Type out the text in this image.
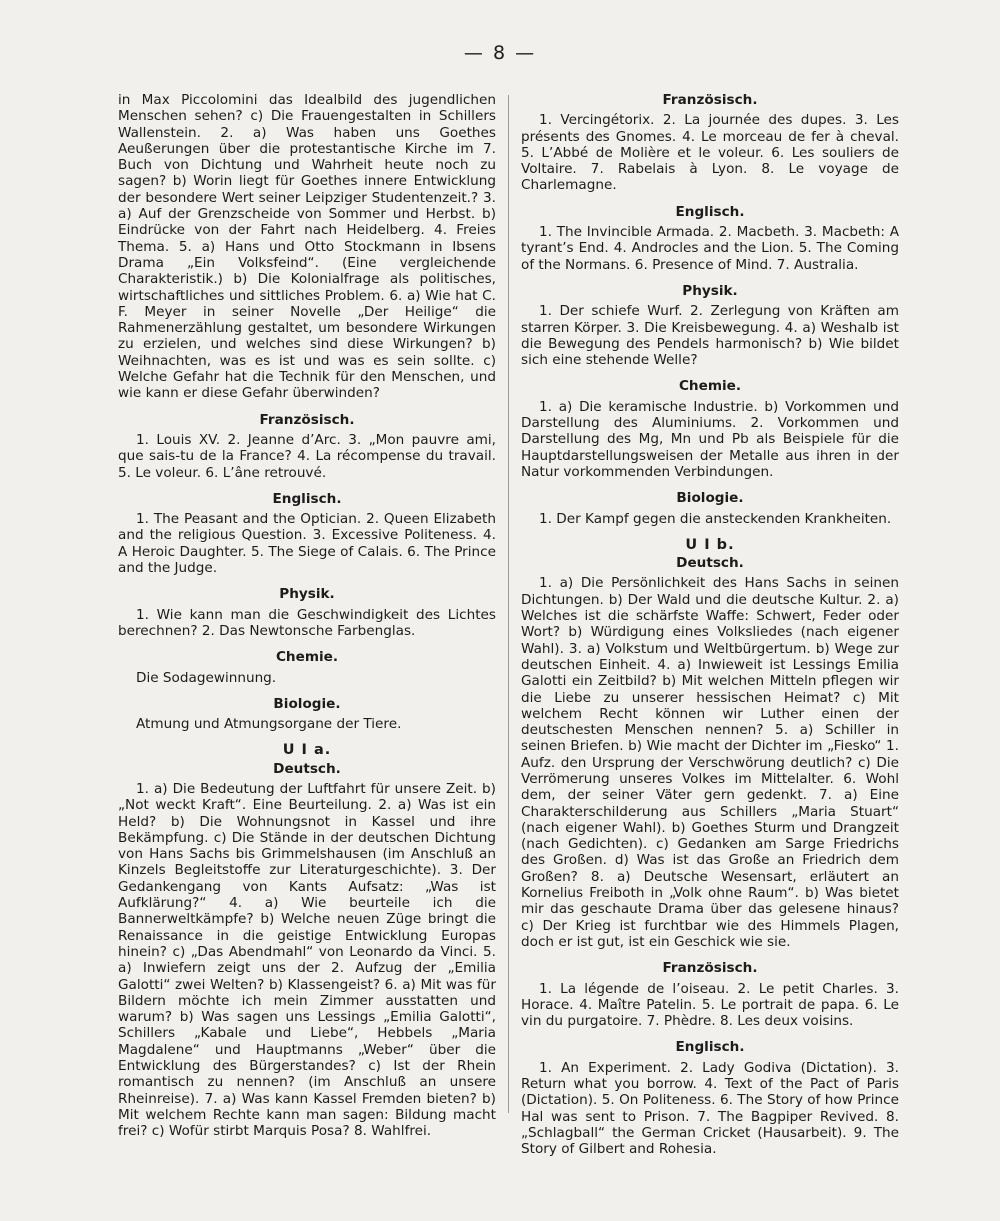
— 8 —

in Max Piccolomini das Idealbild des jugendlichen Menschen sehen? c) Die Frauengestalten in Schillers Wallenstein. 2. a) Was haben uns Goethes Aeußerungen über die protestantische Kirche im 7. Buch von Dichtung und Wahrheit heute noch zu sagen? b) Worin liegt für Goethes innere Entwicklung der besondere Wert seiner Leipziger Studentenzeit.? 3. a) Auf der Grenzscheide von Sommer und Herbst. b) Eindrücke von der Fahrt nach Heidelberg. 4. Freies Thema. 5. a) Hans und Otto Stockmann in Ibsens Drama „Ein Volksfeind“. (Eine vergleichende Charakteristik.) b) Die Kolonialfrage als politisches, wirtschaftliches und sittliches Problem. 6. a) Wie hat C. F. Meyer in seiner Novelle „Der Heilige“ die Rahmenerzählung gestaltet, um besondere Wirkungen zu erzielen, und welches sind diese Wirkungen? b) Weihnachten, was es ist und was es sein sollte. c) Welche Gefahr hat die Technik für den Menschen, und wie kann er diese Gefahr überwinden?

Französisch.

1. Louis XV. 2. Jeanne d’Arc. 3. „Mon pauvre ami, que sais-tu de la France? 4. La récompense du travail. 5. Le voleur. 6. L’âne retrouvé.

Englisch.

1. The Peasant and the Optician. 2. Queen Elizabeth and the religious Question. 3. Excessive Politeness. 4. A Heroic Daughter. 5. The Siege of Calais. 6. The Prince and the Judge.

Physik.

1. Wie kann man die Geschwindigkeit des Lichtes berechnen? 2. Das Newtonsche Farbenglas.

Chemie.

Die Sodagewinnung.

Biologie.

Atmung und Atmungsorgane der Tiere.

U I a.
Deutsch.

1. a) Die Bedeutung der Luftfahrt für unsere Zeit. b) „Not weckt Kraft“. Eine Beurteilung. 2. a) Was ist ein Held? b) Die Wohnungsnot in Kassel und ihre Bekämpfung. c) Die Stände in der deutschen Dichtung von Hans Sachs bis Grimmelshausen (im Anschluß an Kinzels Begleitstoffe zur Literaturgeschichte). 3. Der Gedankengang von Kants Aufsatz: „Was ist Aufklärung?“ 4. a) Wie beurteile ich die Bannerweltkämpfe? b) Welche neuen Züge bringt die Renaissance in die geistige Entwicklung Europas hinein? c) „Das Abendmahl“ von Leonardo da Vinci. 5. a) Inwiefern zeigt uns der 2. Aufzug der „Emilia Galotti“ zwei Welten? b) Klassengeist? 6. a) Mit was für Bildern möchte ich mein Zimmer ausstatten und warum? b) Was sagen uns Lessings „Emilia Galotti“, Schillers „Kabale und Liebe“, Hebbels „Maria Magdalene“ und Hauptmanns „Weber“ über die Entwicklung des Bürgerstandes? c) Ist der Rhein romantisch zu nennen? (im Anschluß an unsere Rheinreise). 7. a) Was kann Kassel Fremden bieten? b) Mit welchem Rechte kann man sagen: Bildung macht frei? c) Wofür stirbt Marquis Posa? 8. Wahlfrei.

Französisch.

1. Vercingétorix. 2. La journée des dupes. 3. Les présents des Gnomes. 4. Le morceau de fer à cheval. 5. L’Abbé de Molière et le voleur. 6. Les souliers de Voltaire. 7. Rabelais à Lyon. 8. Le voyage de Charlemagne.

Englisch.

1. The Invincible Armada. 2. Macbeth. 3. Macbeth: A tyrant’s End. 4. Androcles and the Lion. 5. The Coming of the Normans. 6. Presence of Mind. 7. Australia.

Physik.

1. Der schiefe Wurf. 2. Zerlegung von Kräften am starren Körper. 3. Die Kreisbewegung. 4. a) Weshalb ist die Bewegung des Pendels harmonisch? b) Wie bildet sich eine stehende Welle?

Chemie.

1. a) Die keramische Industrie. b) Vorkommen und Darstellung des Aluminiums. 2. Vorkommen und Darstellung des Mg, Mn und Pb als Beispiele für die Hauptdarstellungsweisen der Metalle aus ihren in der Natur vorkommenden Verbindungen.

Biologie.

1. Der Kampf gegen die ansteckenden Krankheiten.

U I b.
Deutsch.

1. a) Die Persönlichkeit des Hans Sachs in seinen Dichtungen. b) Der Wald und die deutsche Kultur. 2. a) Welches ist die schärfste Waffe: Schwert, Feder oder Wort? b) Würdigung eines Volksliedes (nach eigener Wahl). 3. a) Volkstum und Weltbürgertum. b) Wege zur deutschen Einheit. 4. a) Inwieweit ist Lessings Emilia Galotti ein Zeitbild? b) Mit welchen Mitteln pflegen wir die Liebe zu unserer hessischen Heimat? c) Mit welchem Recht können wir Luther einen der deutschesten Menschen nennen? 5. a) Schiller in seinen Briefen. b) Wie macht der Dichter im „Fiesko“ 1. Aufz. den Ursprung der Verschwörung deutlich? c) Die Verrömerung unseres Volkes im Mittelalter. 6. Wohl dem, der seiner Väter gern gedenkt. 7. a) Eine Charakterschilderung aus Schillers „Maria Stuart“ (nach eigener Wahl). b) Goethes Sturm und Drangzeit (nach Gedichten). c) Gedanken am Sarge Friedrichs des Großen. d) Was ist das Große an Friedrich dem Großen? 8. a) Deutsche Wesensart, erläutert an Kornelius Freiboth in „Volk ohne Raum“. b) Was bietet mir das geschaute Drama über das gelesene hinaus? c) Der Krieg ist furchtbar wie des Himmels Plagen, doch er ist gut, ist ein Geschick wie sie.

Französisch.

1. La légende de l’oiseau. 2. Le petit Charles. 3. Horace. 4. Maître Patelin. 5. Le portrait de papa. 6. Le vin du purgatoire. 7. Phèdre. 8. Les deux voisins.

Englisch.

1. An Experiment. 2. Lady Godiva (Dictation). 3. Return what you borrow. 4. Text of the Pact of Paris (Dictation). 5. On Politeness. 6. The Story of how Prince Hal was sent to Prison. 7. The Bagpiper Revived. 8. „Schlagball“ the German Cricket (Hausarbeit). 9. The Story of Gilbert and Rohesia.
